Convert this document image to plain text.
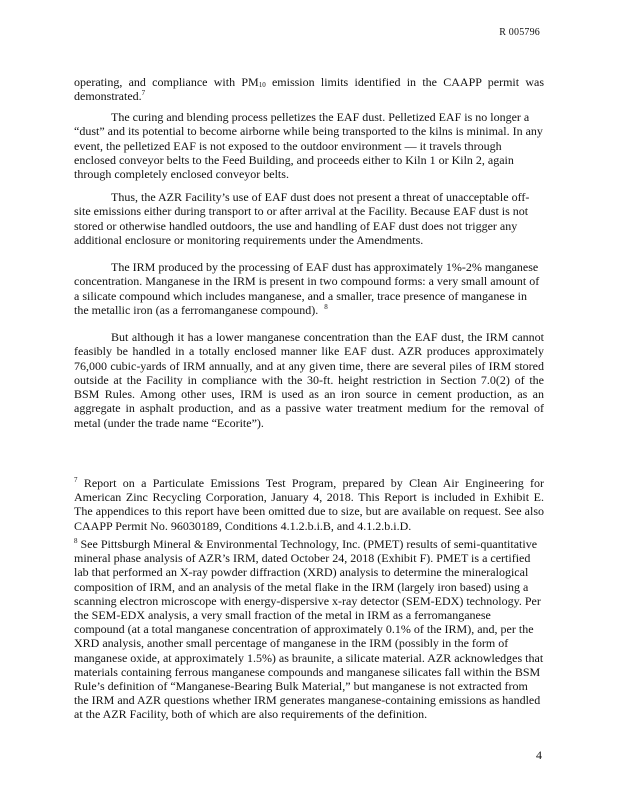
R 005796
operating, and compliance with $PM_{10}$ emission limits identified in the CAAPP permit was demonstrated.$^7$
The curing and blending process pelletizes the EAF dust. Pelletized EAF is no longer a “dust” and its potential to become airborne while being transported to the kilns is minimal. In any event, the pelletized EAF is not exposed to the outdoor environment — it travels through enclosed conveyor belts to the Feed Building, and proceeds either to Kiln 1 or Kiln 2, again through completely enclosed conveyor belts.
Thus, the AZR Facility’s use of EAF dust does not present a threat of unacceptable off-site emissions either during transport to or after arrival at the Facility. Because EAF dust is not stored or otherwise handled outdoors, the use and handling of EAF dust does not trigger any additional enclosure or monitoring requirements under the Amendments.
The IRM produced by the processing of EAF dust has approximately 1%-2% manganese concentration. Manganese in the IRM is present in two compound forms: a very small amount of a silicate compound which includes manganese, and a smaller, trace presence of manganese in the metallic iron (as a ferromanganese compound). $^8$
But although it has a lower manganese concentration than the EAF dust, the IRM cannot feasibly be handled in a totally enclosed manner like EAF dust. AZR produces approximately 76,000 cubic-yards of IRM annually, and at any given time, there are several piles of IRM stored outside at the Facility in compliance with the 30-ft. height restriction in Section 7.0(2) of the BSM Rules. Among other uses, IRM is used as an iron source in cement production, as an aggregate in asphalt production, and as a passive water treatment medium for the removal of metal (under the trade name “Ecorite”).
$^7$ Report on a Particulate Emissions Test Program, prepared by Clean Air Engineering for American Zinc Recycling Corporation, January 4, 2018. This Report is included in Exhibit E. The appendices to this report have been omitted due to size, but are available on request. See also CAAPP Permit No. 96030189, Conditions 4.1.2.b.i.B, and 4.1.2.b.i.D.
$^8$ See Pittsburgh Mineral & Environmental Technology, Inc. (PMET) results of semi-quantitative mineral phase analysis of AZR’s IRM, dated October 24, 2018 (Exhibit F). PMET is a certified lab that performed an X-ray powder diffraction (XRD) analysis to determine the mineralogical composition of IRM, and an analysis of the metal flake in the IRM (largely iron based) using a scanning electron microscope with energy-dispersive x-ray detector (SEM-EDX) technology. Per the SEM-EDX analysis, a very small fraction of the metal in IRM as a ferromanganese compound (at a total manganese concentration of approximately 0.1% of the IRM), and, per the XRD analysis, another small percentage of manganese in the IRM (possibly in the form of manganese oxide, at approximately 1.5%) as braunite, a silicate material. AZR acknowledges that materials containing ferrous manganese compounds and manganese silicates fall within the BSM Rule’s definition of “Manganese-Bearing Bulk Material,” but manganese is not extracted from the IRM and AZR questions whether IRM generates manganese-containing emissions as handled at the AZR Facility, both of which are also requirements of the definition.
4
